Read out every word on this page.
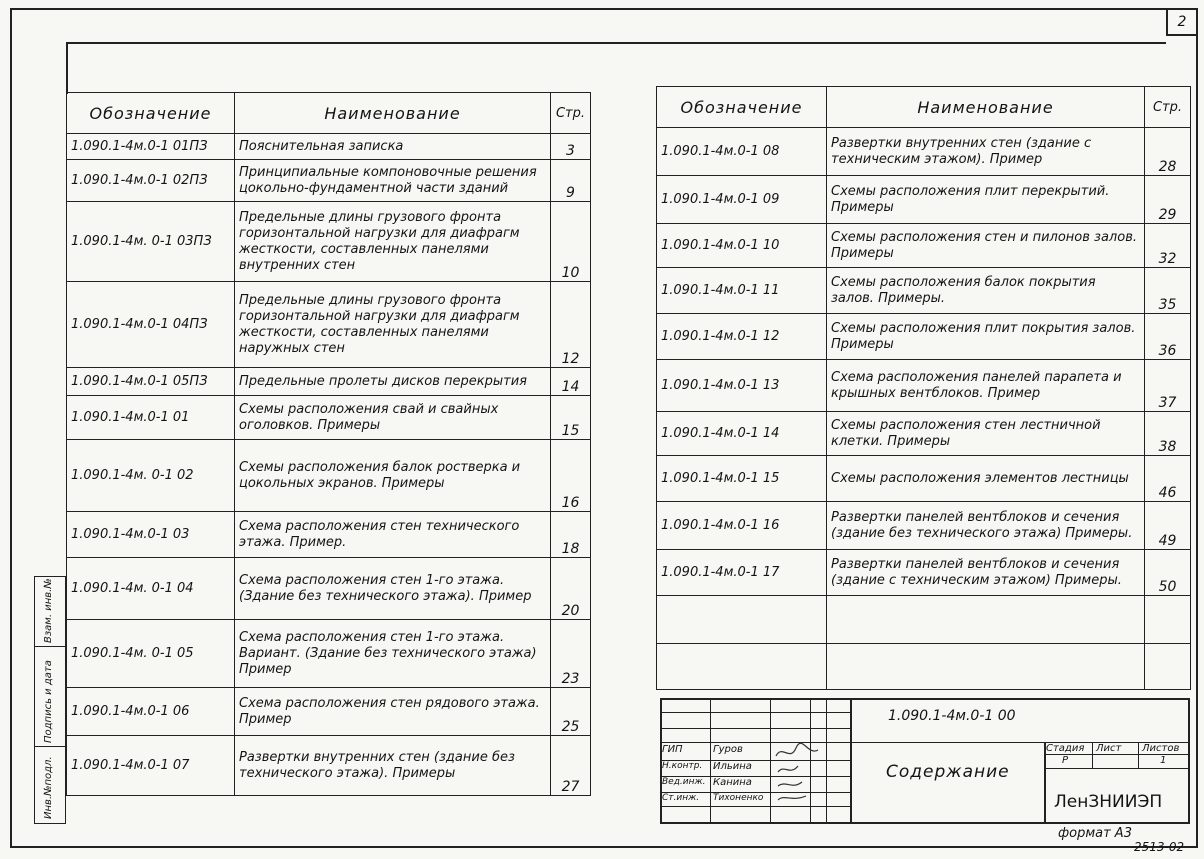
2
Обозначение	Наименование	Стр.
1.090.1-4м.0-1 01ПЗ	Пояснительная записка	3
1.090.1-4м.0-1 02ПЗ	Принципиальные компоновочные решения цокольно-фундаментной части зданий	9
1.090.1-4м. 0-1 03ПЗ	Предельные длины грузового фронта горизонтальной нагрузки для диафрагм жесткости, составленных панелями внутренних стен	10
1.090.1-4м.0-1 04ПЗ	Предельные длины грузового фронта горизонтальной нагрузки для диафрагм жесткости, составленных панелями наружных стен	12
1.090.1-4м.0-1 05ПЗ	Предельные пролеты дисков перекрытия	14
1.090.1-4м.0-1 01	Схемы расположения свай и свайных оголовков. Примеры	15
1.090.1-4м. 0-1 02	Схемы расположения балок ростверка и цокольных экранов. Примеры	16
1.090.1-4м.0-1 03	Схема расположения стен технического этажа. Пример.	18
1.090.1-4м. 0-1 04	Схема расположения стен 1-го этажа. (Здание без технического этажа). Пример	20
1.090.1-4м. 0-1 05	Схема расположения стен 1-го этажа. Вариант. (Здание без технического этажа) Пример	23
1.090.1-4м.0-1 06	Схема расположения стен рядового этажа. Пример	25
1.090.1-4м.0-1 07	Развертки внутренних стен (здание без технического этажа). Примеры	27
Обозначение	Наименование	Стр.
1.090.1-4м.0-1 08	Развертки внутренних стен (здание с техническим этажом). Пример	28
1.090.1-4м.0-1 09	Схемы расположения плит перекрытий. Примеры	29
1.090.1-4м.0-1 10	Схемы расположения стен и пилонов залов. Примеры	32
1.090.1-4м.0-1 11	Схемы расположения балок покрытия залов. Примеры.	35
1.090.1-4м.0-1 12	Схемы расположения плит покрытия залов. Примеры	36
1.090.1-4м.0-1 13	Схема расположения панелей парапета и крышных вентблоков. Пример	37
1.090.1-4м.0-1 14	Схемы расположения стен лестничной клетки. Примеры	38
1.090.1-4м.0-1 15	Схемы расположения элементов лестницы	46
1.090.1-4м.0-1 16	Развертки панелей вентблоков и сечения (здание без технического этажа) Примеры.	49
1.090.1-4м.0-1 17	Развертки панелей вентблоков и сечения (здание с техническим этажом) Примеры.	50

Взам. инв.№
Подпись и дата
Инв.№подл.
1.090.1-4м.0-1 00
Содержание
ГИП	Гуров
Н.контр. Ильина
Вед.инж. Канина
Ст.инж. Тихоненко
Стадия Лист Листов
Р	1
ЛенЗНИИЭП
формат А3
2513-02
